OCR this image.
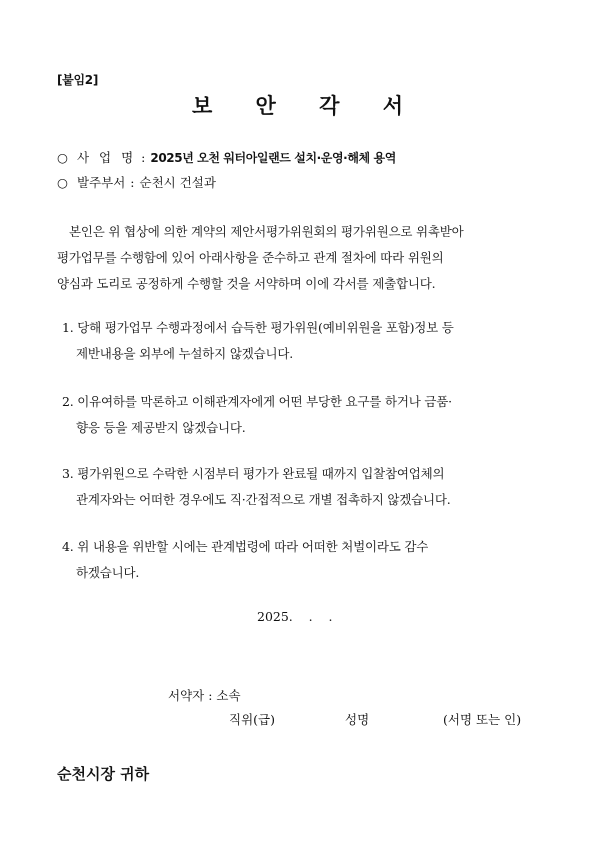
[붙임2]
보 안 각 서
○ 사 업 명 : 2025년 오천 워터아일랜드 설치·운영·해체 용역
○ 발주부서 : 순천시 건설과
본인은 위 협상에 의한 계약의 제안서평가위원회의 평가위원으로 위촉받아
평가업무를 수행함에 있어 아래사항을 준수하고 관계 절차에 따라 위원의
양심과 도리로 공정하게 수행할 것을 서약하며 이에 각서를 제출합니다.
1. 당해 평가업무 수행과정에서 습득한 평가위원(예비위원을 포함)정보 등
제반내용을 외부에 누설하지 않겠습니다.
2. 이유여하를 막론하고 이해관계자에게 어떤 부당한 요구를 하거나 금품·
향응 등을 제공받지 않겠습니다.
3. 평가위원으로 수락한 시점부터 평가가 완료될 때까지 입찰참여업체의
관계자와는 어떠한 경우에도 직·간접적으로 개별 접촉하지 않겠습니다.
4. 위 내용을 위반할 시에는 관계법령에 따라 어떠한 처벌이라도 감수
하겠습니다.
2025.    .    .
서약자 : 소속
직위(급)	성명	(서명 또는 인)
순천시장 귀하
